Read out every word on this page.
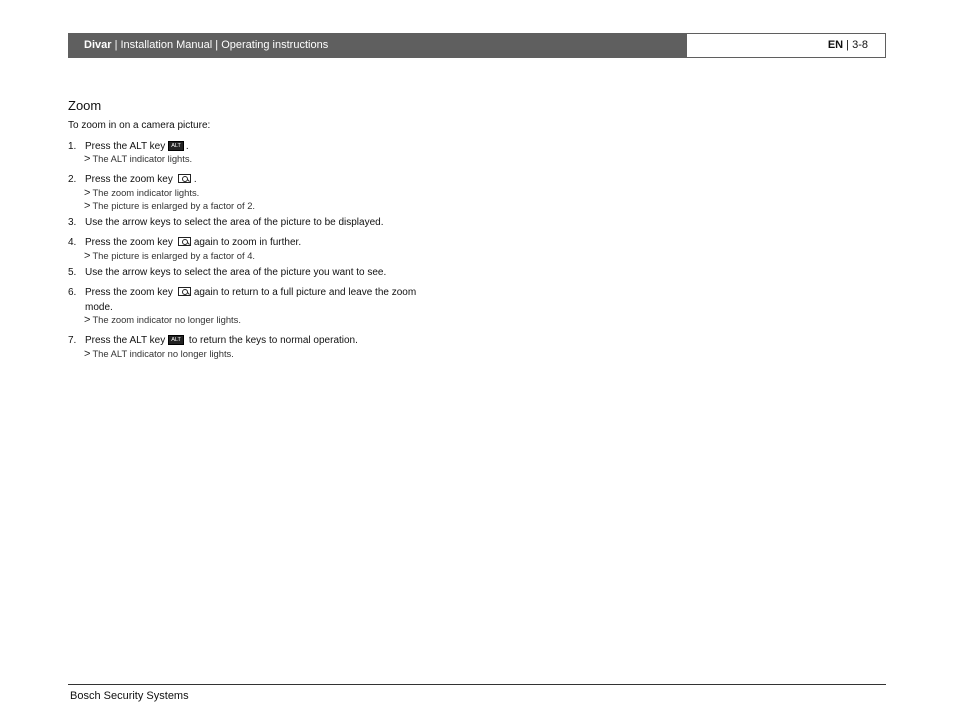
Divar | Installation Manual | Operating instructions	EN | 3-8
Zoom
To zoom in on a camera picture:
1. Press the ALT key ALT .
> The ALT indicator lights.
2. Press the zoom key .
> The zoom indicator lights.
> The picture is enlarged by a factor of 2.
3. Use the arrow keys to select the area of the picture to be displayed.
4. Press the zoom key again to zoom in further.
> The picture is enlarged by a factor of 4.
5. Use the arrow keys to select the area of the picture you want to see.
6. Press the zoom key again to return to a full picture and leave the zoom
mode.
> The zoom indicator no longer lights.
7. Press the ALT key ALT to return the keys to normal operation.
> The ALT indicator no longer lights.
Bosch Security Systems
